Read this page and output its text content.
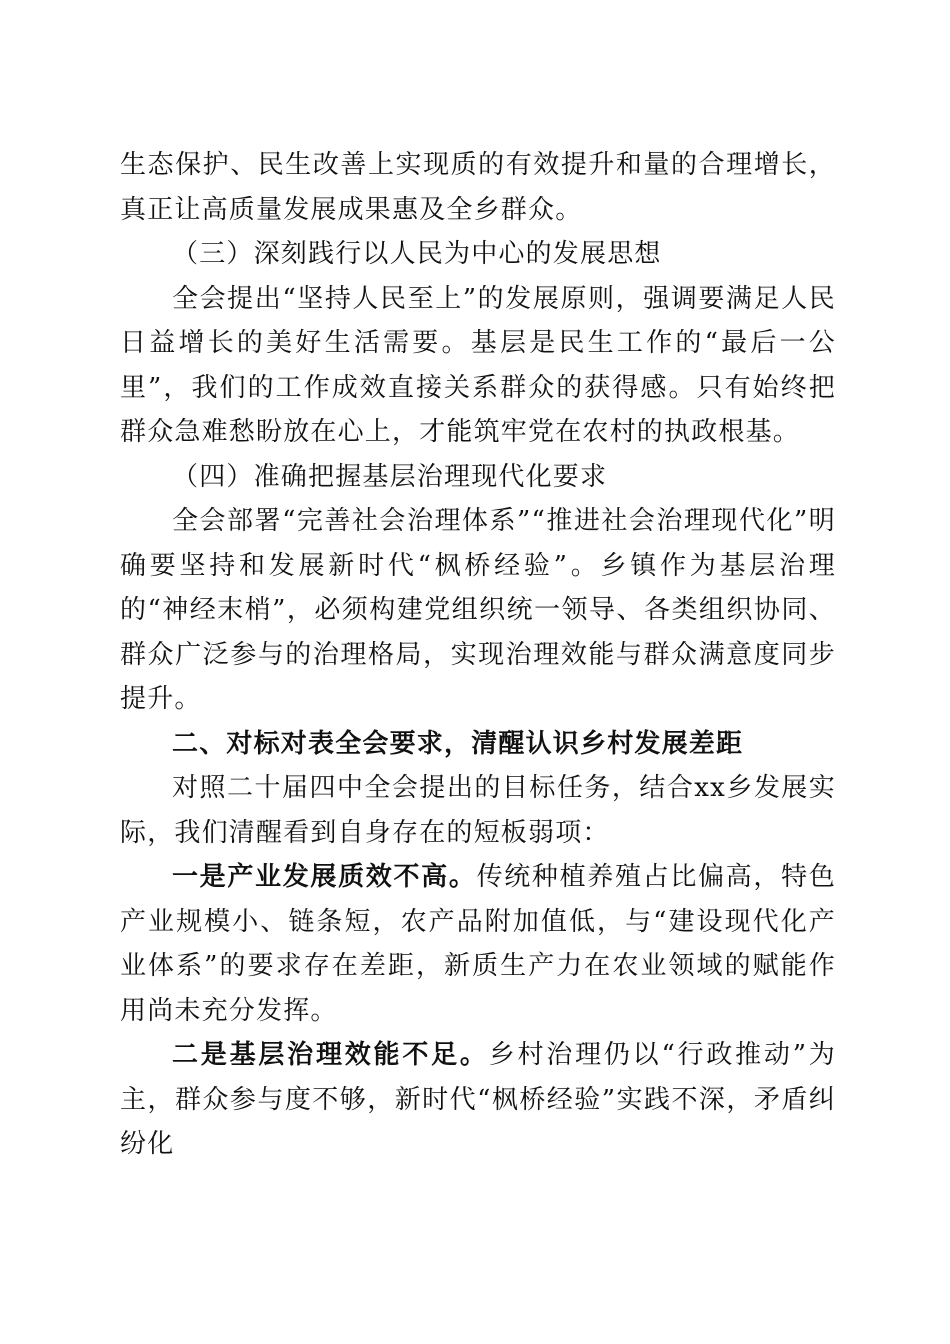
生态保护、民生改善上实现质的有效提升和量的合理增长，真正让高质量发展成果惠及全乡群众。

（三）深刻践行以人民为中心的发展思想

全会提出“坚持人民至上”的发展原则，强调要满足人民日益增长的美好生活需要。基层是民生工作的“最后一公里”，我们的工作成效直接关系群众的获得感。只有始终把群众急难愁盼放在心上，才能筑牢党在农村的执政根基。

（四）准确把握基层治理现代化要求

全会部署“完善社会治理体系”“推进社会治理现代化”明确要坚持和发展新时代“枫桥经验”。乡镇作为基层治理的“神经末梢”，必须构建党组织统一领导、各类组织协同、群众广泛参与的治理格局，实现治理效能与群众满意度同步提升。

二、对标对表全会要求，清醒认识乡村发展差距

对照二十届四中全会提出的目标任务，结合xx乡发展实际，我们清醒看到自身存在的短板弱项：

一是产业发展质效不高。传统种植养殖占比偏高，特色产业规模小、链条短，农产品附加值低，与“建设现代化产业体系”的要求存在差距，新质生产力在农业领域的赋能作用尚未充分发挥。

二是基层治理效能不足。乡村治理仍以“行政推动”为主，群众参与度不够，新时代“枫桥经验”实践不深，矛盾纠纷化
